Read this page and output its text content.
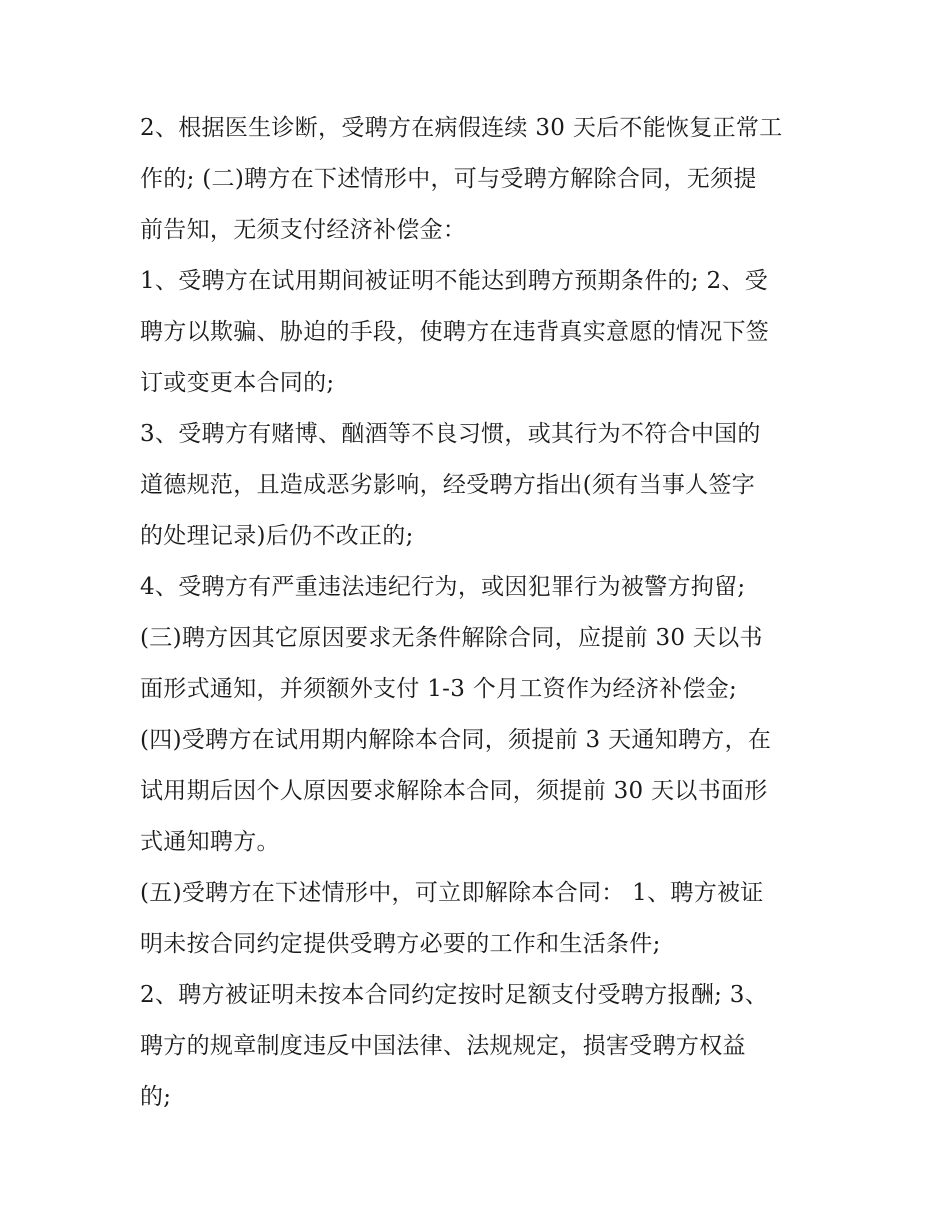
2、根据医生诊断，受聘方在病假连续 30 天后不能恢复正常工
作的; (二)聘方在下述情形中，可与受聘方解除合同，无须提
前告知，无须支付经济补偿金：
1、受聘方在试用期间被证明不能达到聘方预期条件的; 2、受
聘方以欺骗、胁迫的手段，使聘方在违背真实意愿的情况下签
订或变更本合同的;
3、受聘方有赌博、酗酒等不良习惯，或其行为不符合中国的
道德规范，且造成恶劣影响，经受聘方指出(须有当事人签字
的处理记录)后仍不改正的;
4、受聘方有严重违法违纪行为，或因犯罪行为被警方拘留;
(三)聘方因其它原因要求无条件解除合同，应提前 30 天以书
面形式通知，并须额外支付 1-3 个月工资作为经济补偿金;
(四)受聘方在试用期内解除本合同，须提前 3 天通知聘方，在
试用期后因个人原因要求解除本合同，须提前 30 天以书面形
式通知聘方。
(五)受聘方在下述情形中，可立即解除本合同： 1、聘方被证
明未按合同约定提供受聘方必要的工作和生活条件;
2、聘方被证明未按本合同约定按时足额支付受聘方报酬; 3、
聘方的规章制度违反中国法律、法规规定，损害受聘方权益
的;
